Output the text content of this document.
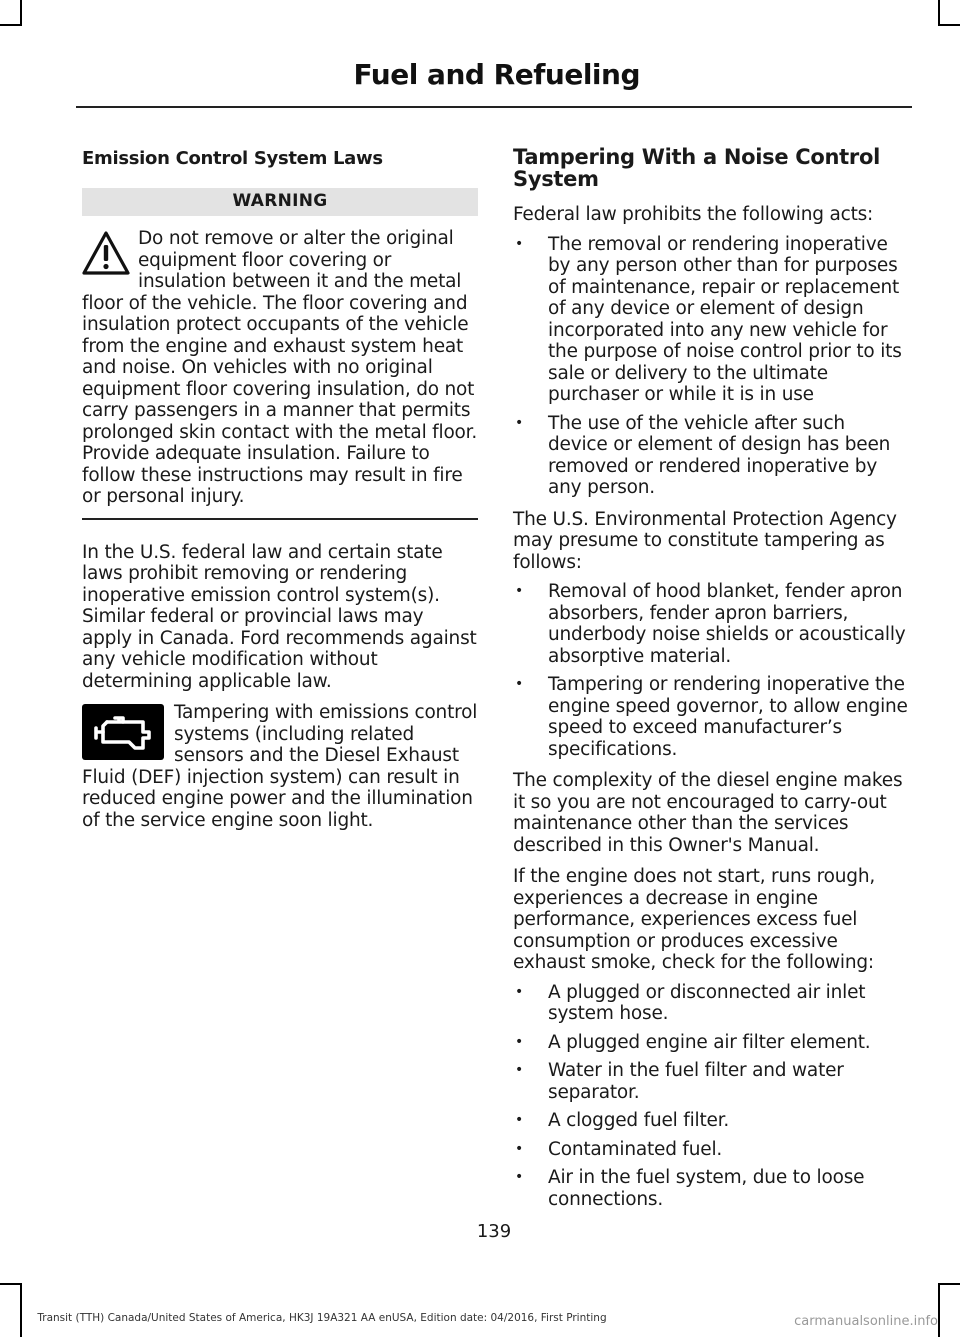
Fuel and Refueling
Emission Control System Laws
WARNING

Do not remove or alter the original equipment floor covering or insulation between it and the metal floor of the vehicle. The floor covering and insulation protect occupants of the vehicle from the engine and exhaust system heat and noise. On vehicles with no original equipment floor covering insulation, do not carry passengers in a manner that permits prolonged skin contact with the metal floor. Provide adequate insulation. Failure to follow these instructions may result in fire or personal injury.

In the U.S. federal law and certain state laws prohibit removing or rendering inoperative emission control system(s). Similar federal or provincial laws may apply in Canada. Ford recommends against any vehicle modification without determining applicable law.

Tampering with emissions control systems (including related sensors and the Diesel Exhaust Fluid (DEF) injection system) can result in reduced engine power and the illumination of the service engine soon light.

Tampering With a Noise Control System

Federal law prohibits the following acts:

• The removal or rendering inoperative by any person other than for purposes of maintenance, repair or replacement of any device or element of design incorporated into any new vehicle for the purpose of noise control prior to its sale or delivery to the ultimate purchaser or while it is in use
• The use of the vehicle after such device or element of design has been removed or rendered inoperative by any person.

The U.S. Environmental Protection Agency may presume to constitute tampering as follows:

• Removal of hood blanket, fender apron absorbers, fender apron barriers, underbody noise shields or acoustically absorptive material.
• Tampering or rendering inoperative the engine speed governor, to allow engine speed to exceed manufacturer’s specifications.

The complexity of the diesel engine makes it so you are not encouraged to carry-out maintenance other than the services described in this Owner's Manual.

If the engine does not start, runs rough, experiences a decrease in engine performance, experiences excess fuel consumption or produces excessive exhaust smoke, check for the following:

• A plugged or disconnected air inlet system hose.
• A plugged engine air filter element.
• Water in the fuel filter and water separator.
• A clogged fuel filter.
• Contaminated fuel.
• Air in the fuel system, due to loose connections.
139
Transit (TTH) Canada/United States of America, HK3J 19A321 AA enUSA, Edition date: 04/2016, First Printing	carmanualsonline.info
